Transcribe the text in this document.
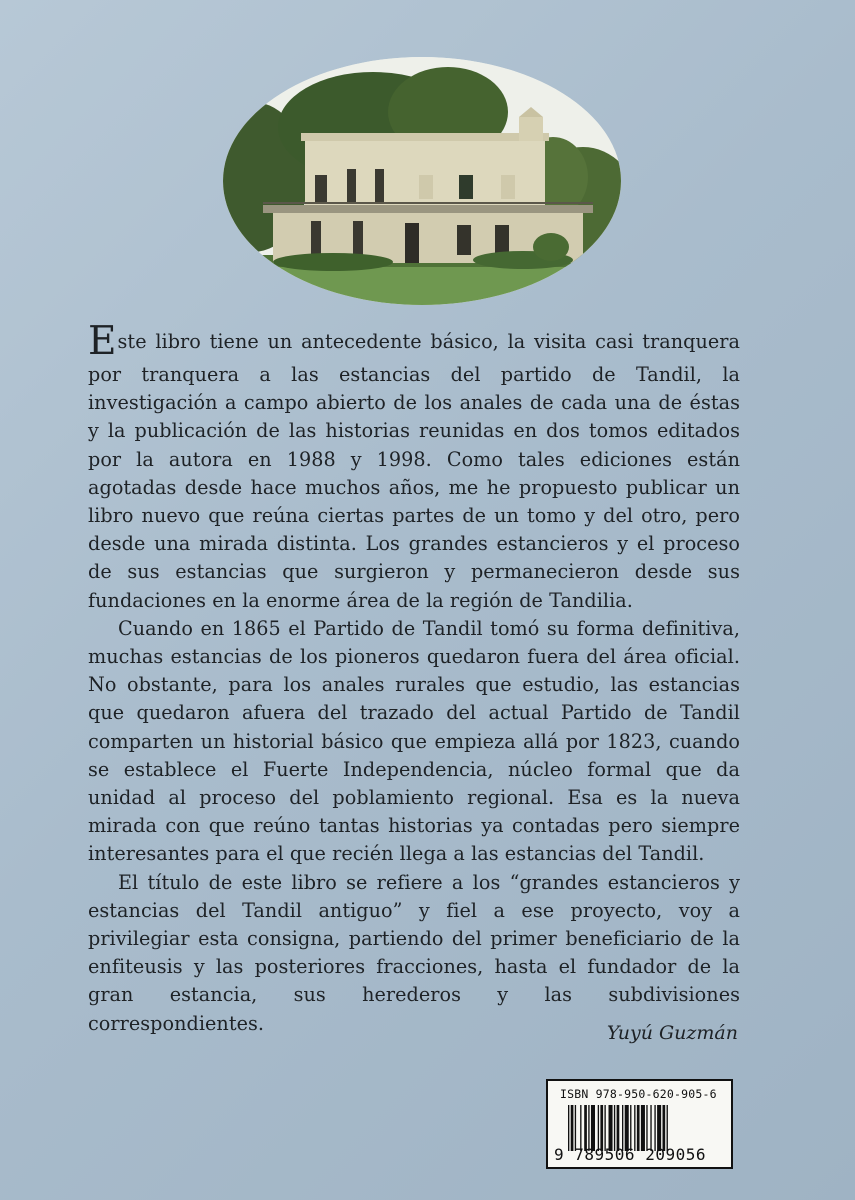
Este libro tiene un antecedente básico, la visita casi tranquera por tranquera a las estancias del partido de Tandil, la investigación a campo abierto de los anales de cada una de éstas y la publicación de las historias reunidas en dos tomos editados por la autora en 1988 y 1998. Como tales ediciones están agotadas desde hace muchos años, me he propuesto publicar un libro nuevo que reúna ciertas partes de un tomo y del otro, pero desde una mirada distinta. Los grandes estancieros y el proceso de sus estancias que surgieron y permanecieron desde sus fundaciones en la enorme área de la región de Tandilia.

Cuando en 1865 el Partido de Tandil tomó su forma definitiva, muchas estancias de los pioneros quedaron fuera del área oficial. No obstante, para los anales rurales que estudio, las estancias que quedaron afuera del trazado del actual Partido de Tandil comparten un historial básico que empieza allá por 1823, cuando se establece el Fuerte Independencia, núcleo formal que da unidad al proceso del poblamiento regional. Esa es la nueva mirada con que reúno tantas historias ya contadas pero siempre interesantes para el que recién llega a las estancias del Tandil.

El título de este libro se refiere a los “grandes estancieros y estancias del Tandil antiguo” y fiel a ese proyecto, voy a privilegiar esta consigna, partiendo del primer beneficiario de la enfiteusis y las posteriores fracciones, hasta el fundador de la gran estancia, sus herederos y las subdivisiones correspondientes.	Yuyú Guzmán
ISBN 978-950-620-905-6
9 789506 209056
